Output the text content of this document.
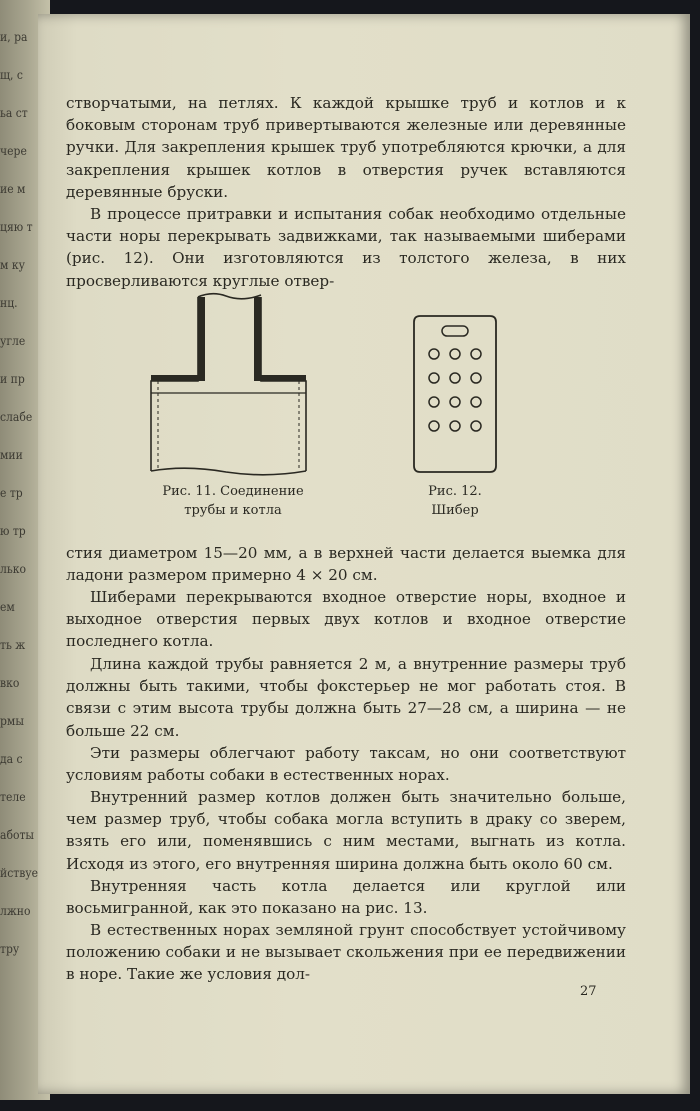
и, ра
щ, с
ьа ст
чере
ие м
цяю т
м ку
нц.
угле
и пр
слабе
мии
е тр
ю тр
лько
ем
ть ж
вко
рмы
да с
теле
аботы
йствуе
лжно
тру

створчатыми, на петлях. К каждой крышке труб и котлов и к боковым сторонам труб привертываются железные или деревянные ручки. Для закрепления крышек труб употребляются крючки, а для закрепления крышек котлов в отверстия ручек вставляются деревянные бруски.

В процессе притравки и испытания собак необходимо отдельные части норы перекрывать задвижками, так называемыми шиберами (рис. 12). Они изготовляются из толстого железа, в них просверливаются круглые отвер-

Рис. 11. Соединение
трубы и котла
Рис. 12.
Шибер

стия диаметром 15—20 мм, а в верхней части делается выемка для ладони размером примерно 4 × 20 см.

Шиберами перекрываются входное отверстие норы, входное и выходное отверстия первых двух котлов и входное отверстие последнего котла.

Длина каждой трубы равняется 2 м, а внутренние размеры труб должны быть такими, чтобы фокстерьер не мог работать стоя. В связи с этим высота трубы должна быть 27—28 см, а ширина — не больше 22 см.

Эти размеры облегчают работу таксам, но они соответствуют условиям работы собаки в естественных норах.

Внутренний размер котлов должен быть значительно больше, чем размер труб, чтобы собака могла вступить в драку со зверем, взять его или, поменявшись с ним местами, выгнать из котла. Исходя из этого, его внутренняя ширина должна быть около 60 см.

Внутренняя часть котла делается или круглой или восьмигранной, как это показано на рис. 13.

В естественных норах земляной грунт способствует устойчивому положению собаки и не вызывает скольжения при ее передвижении в норе. Такие же условия дол-

27
